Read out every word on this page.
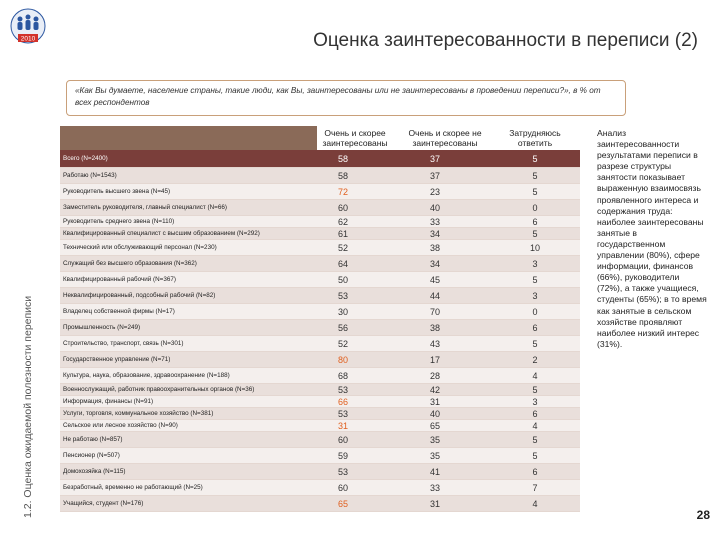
2010	Оценка заинтересованности в переписи (2)
1.2. Оценка ожидаемой полезности переписи
«Как Вы думаете, население страны, такие люди, как Вы, заинтересованы или не заинтересованы в проведении переписи?», в % от всех респондентов
Очень и скорее заинтересованы
Очень и скорее не заинтересованы
Затрудняюсь ответить
Всего (N=2400)	58	37	5
Работаю (N=1543)	58	37	5
Руководитель высшего звена (N=45)	72	23	5
Заместитель руководителя, главный специалист (N=66)	60	40	0
Руководитель среднего звена (N=110)	62	33	6
Квалифицированный специалист с высшим образованием (N=292)	61	34	5
Технический или обслуживающий персонал (N=230)	52	38	10
Служащий без высшего образования (N=362)	64	34	3
Квалифицированный рабочий (N=367)	50	45	5
Неквалифицированный, подсобный рабочий (N=82)	53	44	3
Владелец собственной фирмы (N=17)	30	70	0
Промышленность (N=249)	56	38	6
Строительство, транспорт, связь (N=301)	52	43	5
Государственное управление (N=71)	80	17	2
Культура, наука, образование, здравоохранение (N=188)	68	28	4
Военнослужащий, работник правоохранительных органов (N=36)	53	42	5
Информация, финансы (N=91)	66	31	3
Услуги, торговля, коммунальное хозяйство (N=381)	53	40	6
Сельское или лесное хозяйство (N=90)	31	65	4
Не работаю (N=857)	60	35	5
Пенсионер (N=507)	59	35	5
Домохозяйка (N=115)	53	41	6
Безработный, временно не работающий (N=25)	60	33	7
Учащийся, студент (N=176)	65	31	4
Анализ заинтересованности результатами переписи в разрезе структуры занятости показывает выраженную взаимосвязь проявленного интереса и содержания труда: наиболее заинтересованы занятые в государственном управлении (80%), сфере информации, финансов (66%), руководители (72%), а также учащиеся, студенты (65%); в то время как занятые в сельском хозяйстве проявляют наиболее низкий интерес (31%).
28
